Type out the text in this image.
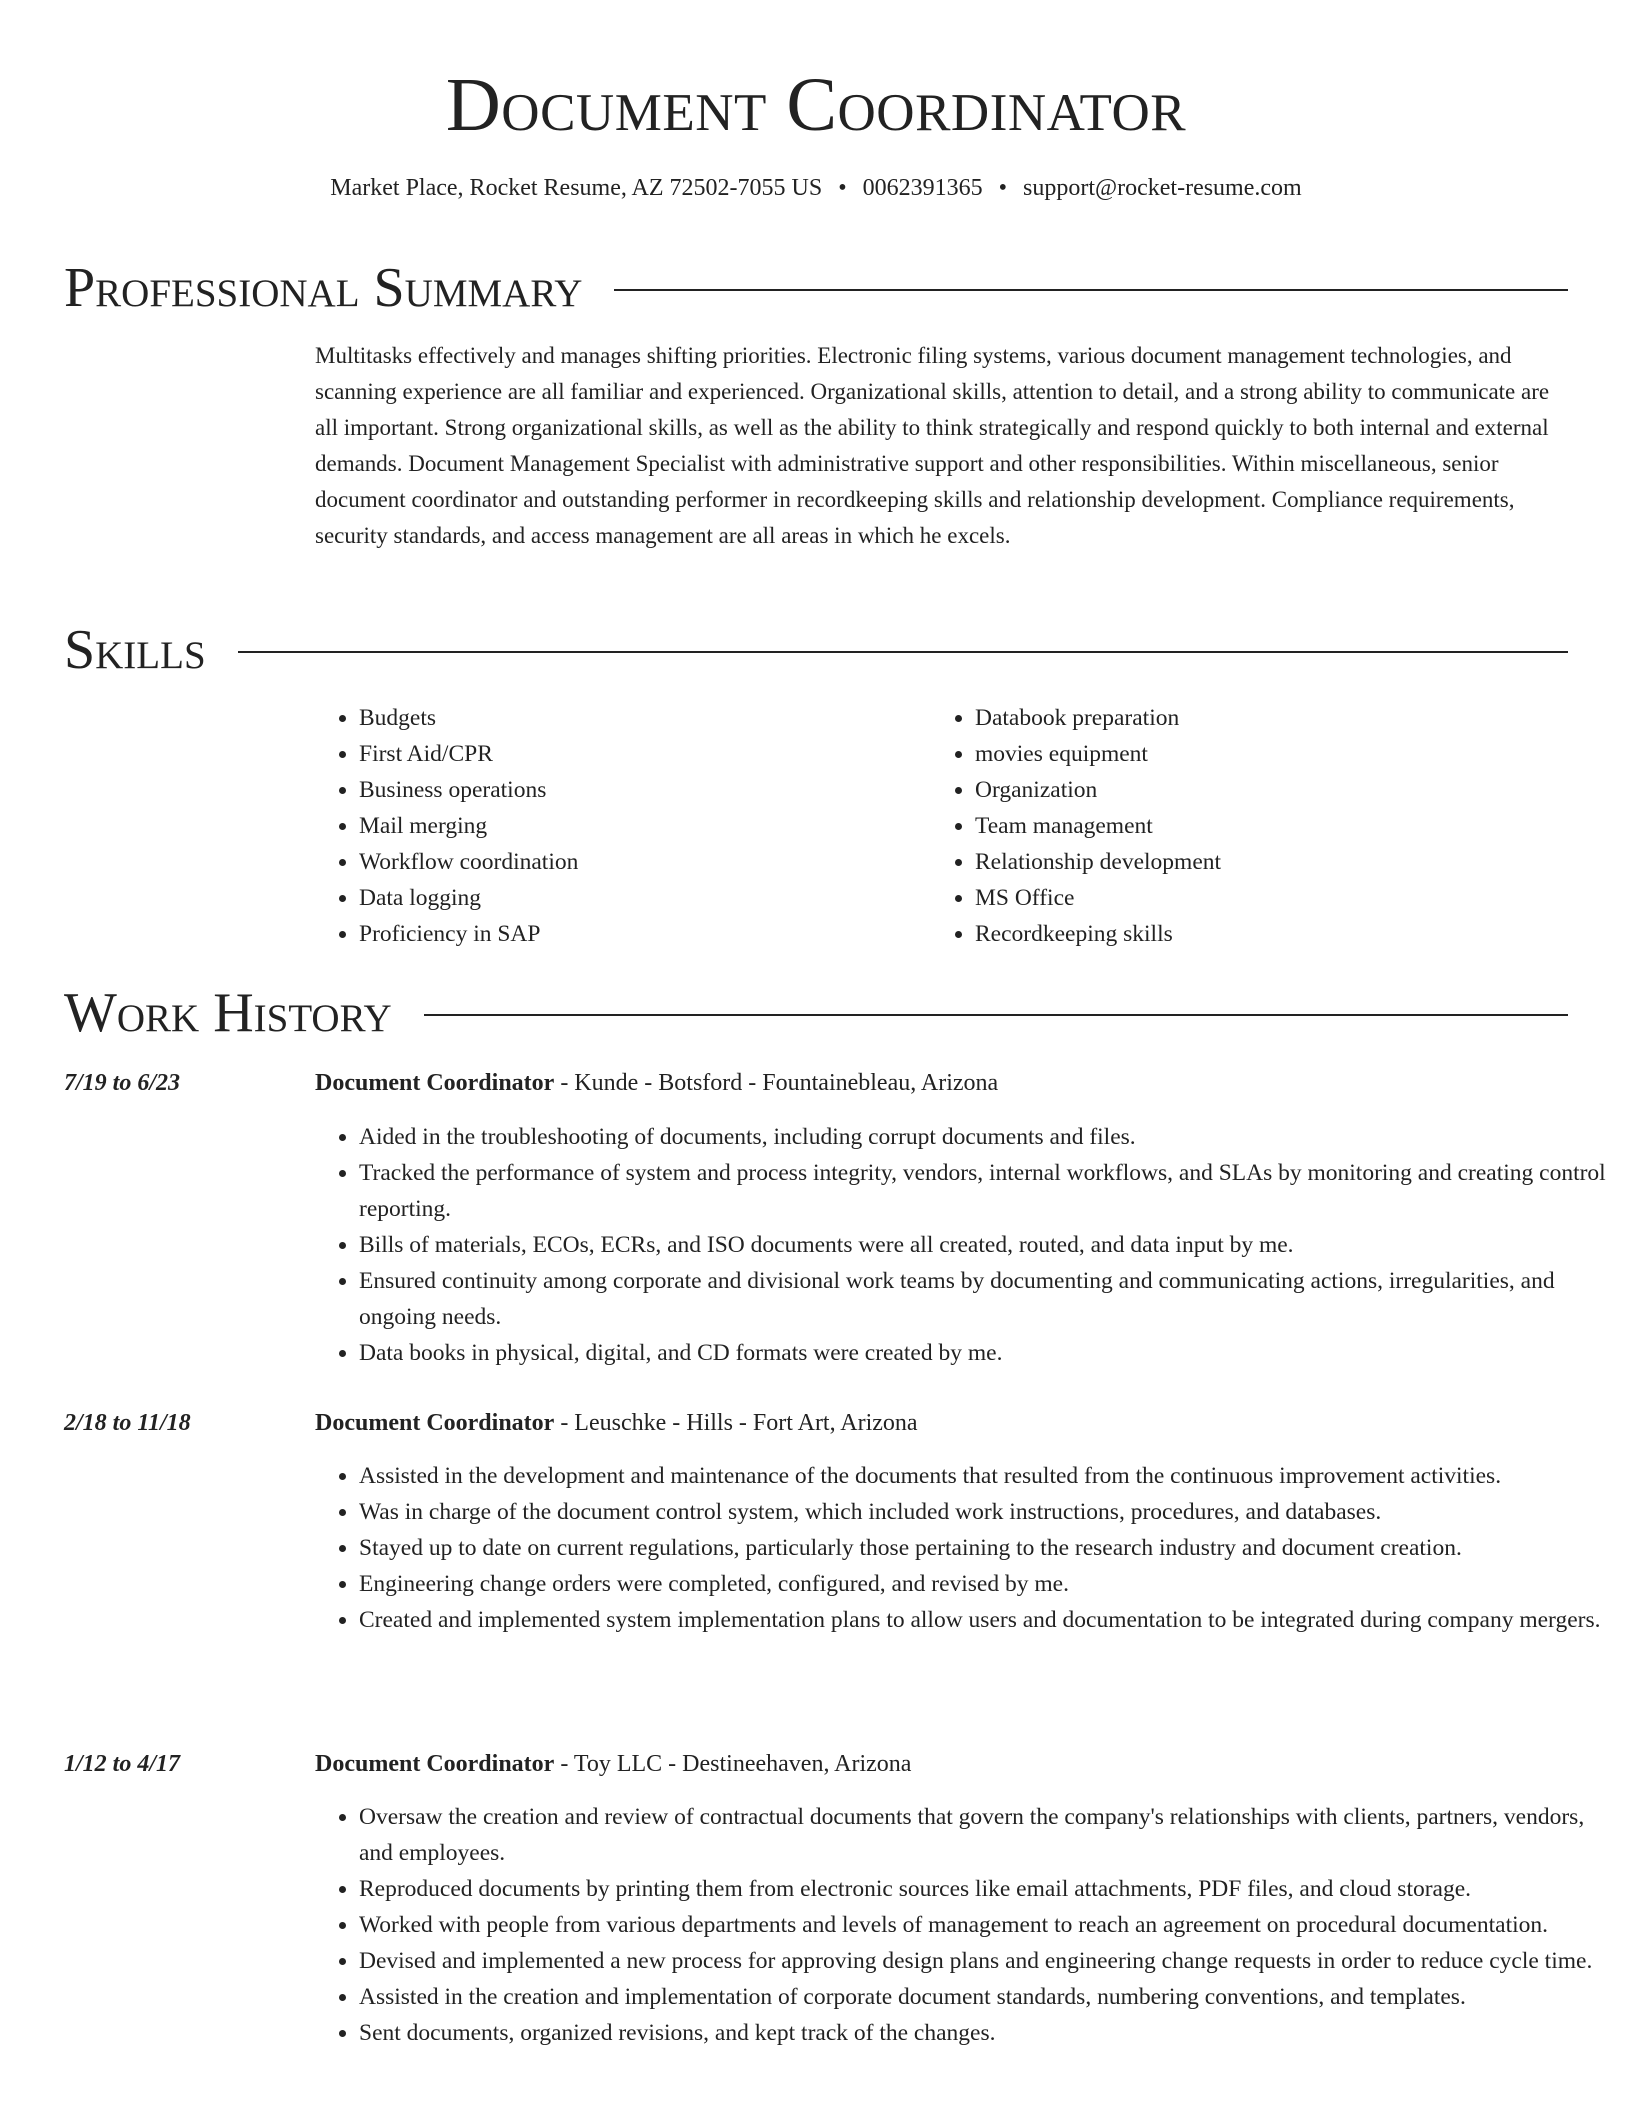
Document Coordinator
Market Place, Rocket Resume, AZ 72502-7055 US • 0062391365 • support@rocket-resume.com
Professional Summary

Multitasks effectively and manages shifting priorities. Electronic filing systems, various document management technologies, and scanning experience are all familiar and experienced. Organizational skills, attention to detail, and a strong ability to communicate are all important. Strong organizational skills, as well as the ability to think strategically and respond quickly to both internal and external demands. Document Management Specialist with administrative support and other responsibilities. Within miscellaneous, senior document coordinator and outstanding performer in recordkeeping skills and relationship development. Compliance requirements, security standards, and access management are all areas in which he excels.

Skills
• Budgets
• First Aid/CPR
• Business operations
• Mail merging
• Workflow coordination
• Data logging
• Proficiency in SAP
• Databook preparation
• movies equipment
• Organization
• Team management
• Relationship development
• MS Office
• Recordkeeping skills
Work History
7/19 to 6/23	Document Coordinator - Kunde - Botsford - Fountainebleau, Arizona
• Aided in the troubleshooting of documents, including corrupt documents and files.
• Tracked the performance of system and process integrity, vendors, internal workflows, and SLAs by monitoring and creating control reporting.
• Bills of materials, ECOs, ECRs, and ISO documents were all created, routed, and data input by me.
• Ensured continuity among corporate and divisional work teams by documenting and communicating actions, irregularities, and ongoing needs.
• Data books in physical, digital, and CD formats were created by me.
2/18 to 11/18	Document Coordinator - Leuschke - Hills - Fort Art, Arizona
• Assisted in the development and maintenance of the documents that resulted from the continuous improvement activities.
• Was in charge of the document control system, which included work instructions, procedures, and databases.
• Stayed up to date on current regulations, particularly those pertaining to the research industry and document creation.
• Engineering change orders were completed, configured, and revised by me.
• Created and implemented system implementation plans to allow users and documentation to be integrated during company mergers.
1/12 to 4/17	Document Coordinator - Toy LLC - Destineehaven, Arizona
• Oversaw the creation and review of contractual documents that govern the company's relationships with clients, partners, vendors, and employees.
• Reproduced documents by printing them from electronic sources like email attachments, PDF files, and cloud storage.
• Worked with people from various departments and levels of management to reach an agreement on procedural documentation.
• Devised and implemented a new process for approving design plans and engineering change requests in order to reduce cycle time.
• Assisted in the creation and implementation of corporate document standards, numbering conventions, and templates.
• Sent documents, organized revisions, and kept track of the changes.
